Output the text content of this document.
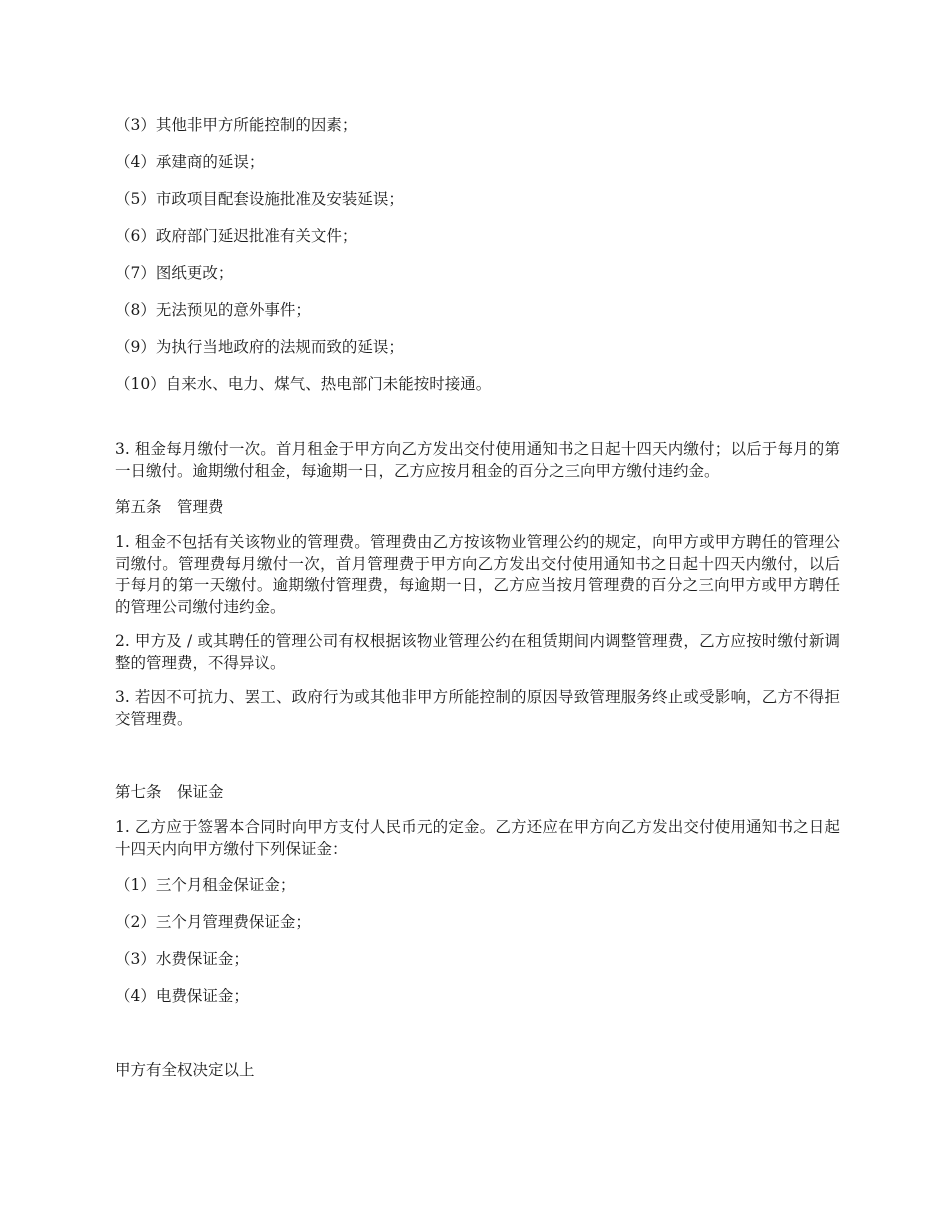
（3）其他非甲方所能控制的因素；

（4）承建商的延误；

（5）市政项目配套设施批准及安装延误；

（6）政府部门延迟批准有关文件；

（7）图纸更改；

（8）无法预见的意外事件；

（9）为执行当地政府的法规而致的延误；

（10）自来水、电力、煤气、热电部门未能按时接通。

3. 租金每月缴付一次。首月租金于甲方向乙方发出交付使用通知书之日起十四天内缴付；以后于每月的第一日缴付。逾期缴付租金，每逾期一日，乙方应按月租金的百分之三向甲方缴付违约金。

第五条　管理费

1. 租金不包括有关该物业的管理费。管理费由乙方按该物业管理公约的规定，向甲方或甲方聘任的管理公司缴付。管理费每月缴付一次，首月管理费于甲方向乙方发出交付使用通知书之日起十四天内缴付，以后于每月的第一天缴付。逾期缴付管理费，每逾期一日，乙方应当按月管理费的百分之三向甲方或甲方聘任的管理公司缴付违约金。

2. 甲方及 / 或其聘任的管理公司有权根据该物业管理公约在租赁期间内调整管理费，乙方应按时缴付新调整的管理费，不得异议。

3. 若因不可抗力、罢工、政府行为或其他非甲方所能控制的原因导致管理服务终止或受影响，乙方不得拒交管理费。

第七条　保证金

1. 乙方应于签署本合同时向甲方支付人民币元的定金。乙方还应在甲方向乙方发出交付使用通知书之日起十四天内向甲方缴付下列保证金：

（1）三个月租金保证金；

（2）三个月管理费保证金；

（3）水费保证金；

（4）电费保证金；

甲方有全权决定以上
